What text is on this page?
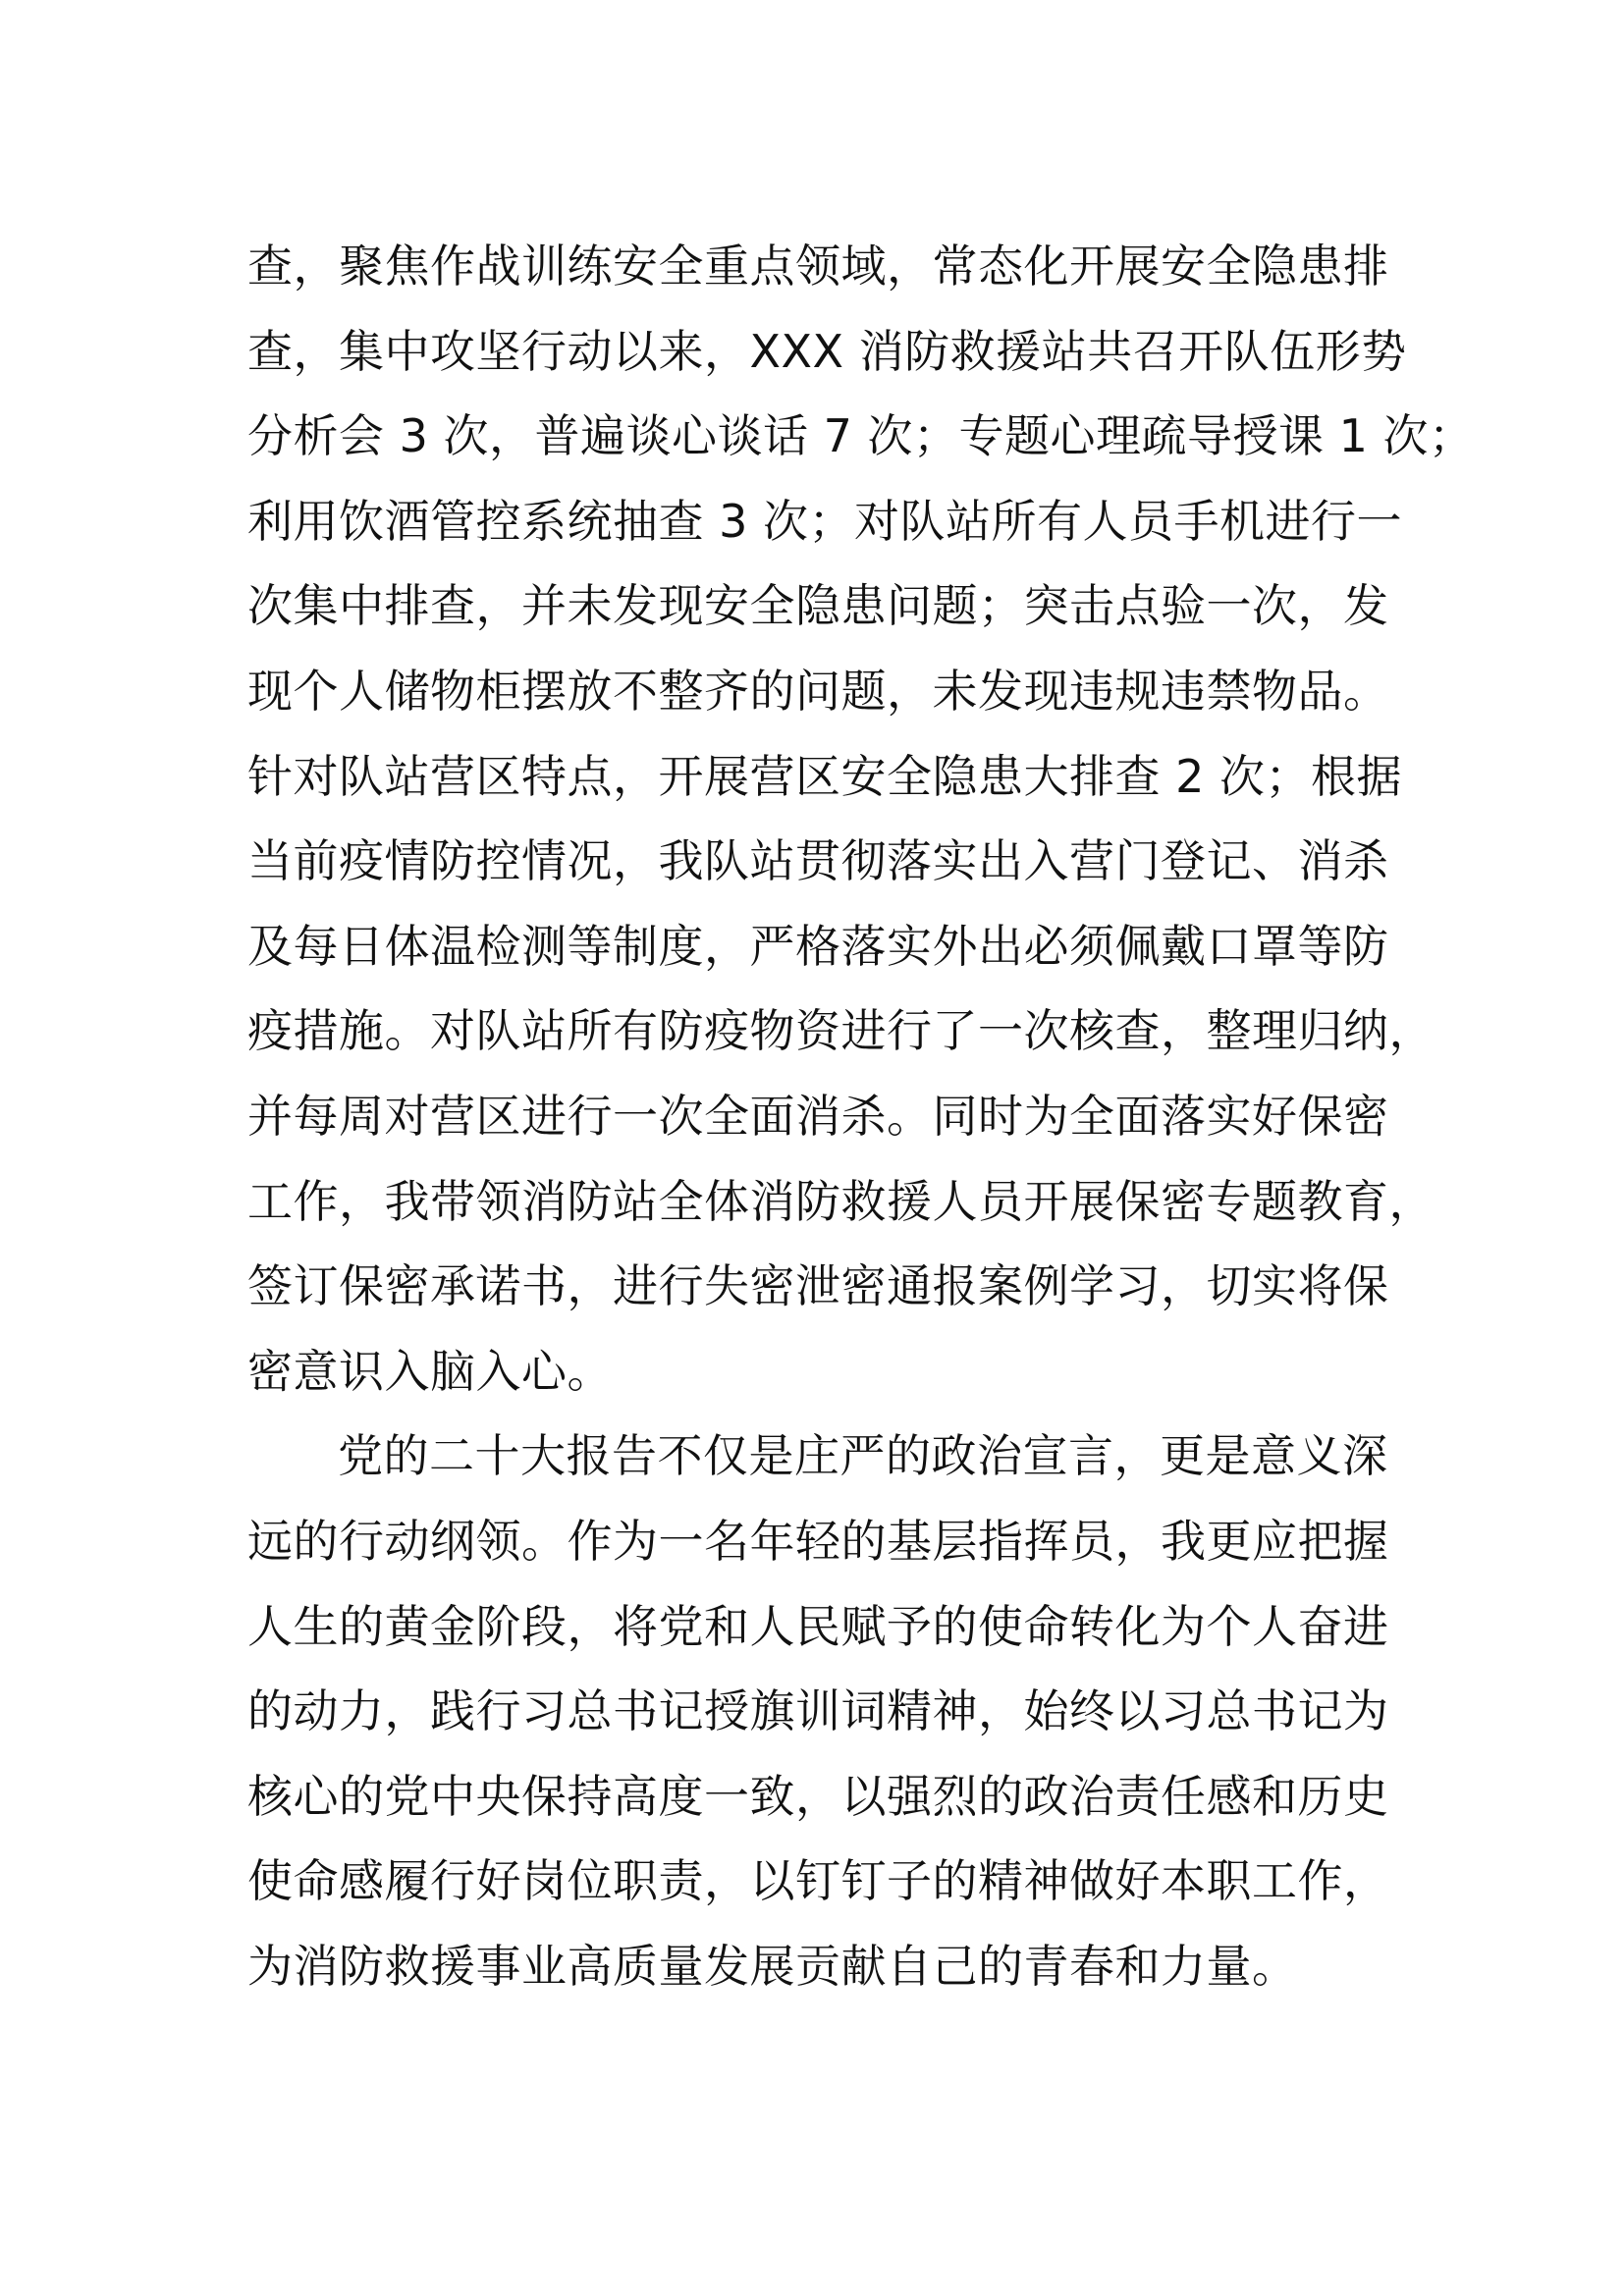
查，聚焦作战训练安全重点领域，常态化开展安全隐患排
查，集中攻坚行动以来，XXX 消防救援站共召开队伍形势
分析会 3 次，普遍谈心谈话 7 次；专题心理疏导授课 1 次；
利用饮酒管控系统抽查 3 次；对队站所有人员手机进行一
次集中排查，并未发现安全隐患问题；突击点验一次，发
现个人储物柜摆放不整齐的问题，未发现违规违禁物品。
针对队站营区特点，开展营区安全隐患大排查 2 次；根据
当前疫情防控情况，我队站贯彻落实出入营门登记、消杀
及每日体温检测等制度，严格落实外出必须佩戴口罩等防
疫措施。对队站所有防疫物资进行了一次核查，整理归纳，
并每周对营区进行一次全面消杀。同时为全面落实好保密
工作，我带领消防站全体消防救援人员开展保密专题教育，
签订保密承诺书，进行失密泄密通报案例学习，切实将保
密意识入脑入心。

党的二十大报告不仅是庄严的政治宣言，更是意义深
远的行动纲领。作为一名年轻的基层指挥员，我更应把握
人生的黄金阶段，将党和人民赋予的使命转化为个人奋进
的动力，践行习总书记授旗训词精神，始终以习总书记为
核心的党中央保持高度一致，以强烈的政治责任感和历史
使命感履行好岗位职责，以钉钉子的精神做好本职工作，
为消防救援事业高质量发展贡献自己的青春和力量。
